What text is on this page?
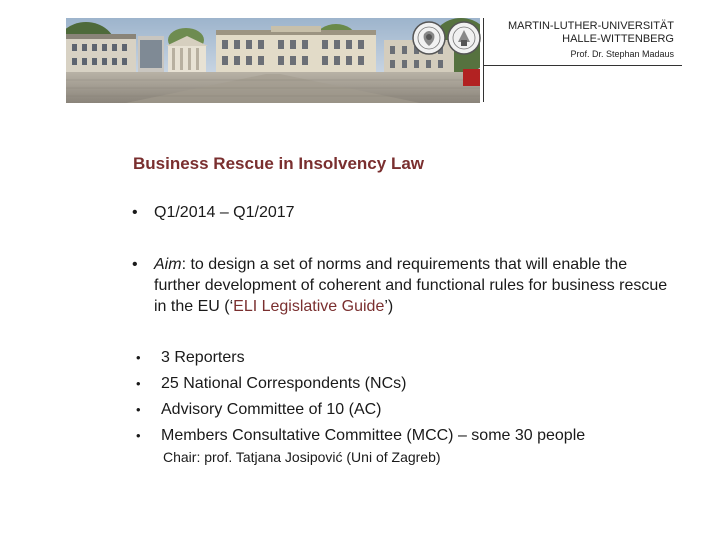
MARTIN-LUTHER-UNIVERSITÄT
HALLE-WITTENBERG
Prof. Dr. Stephan Madaus
Business Rescue in Insolvency Law
• Q1/2014 – Q1/2017
• Aim: to design a set of norms and requirements that will enable the further development of coherent and functional rules for business rescue in the EU (‘ELI Legislative Guide’)
• 3 Reporters
• 25 National Correspondents (NCs)
• Advisory Committee of 10 (AC)
• Members Consultative Committee (MCC) – some 30 people
Chair: prof. Tatjana Josipović (Uni of Zagreb)
